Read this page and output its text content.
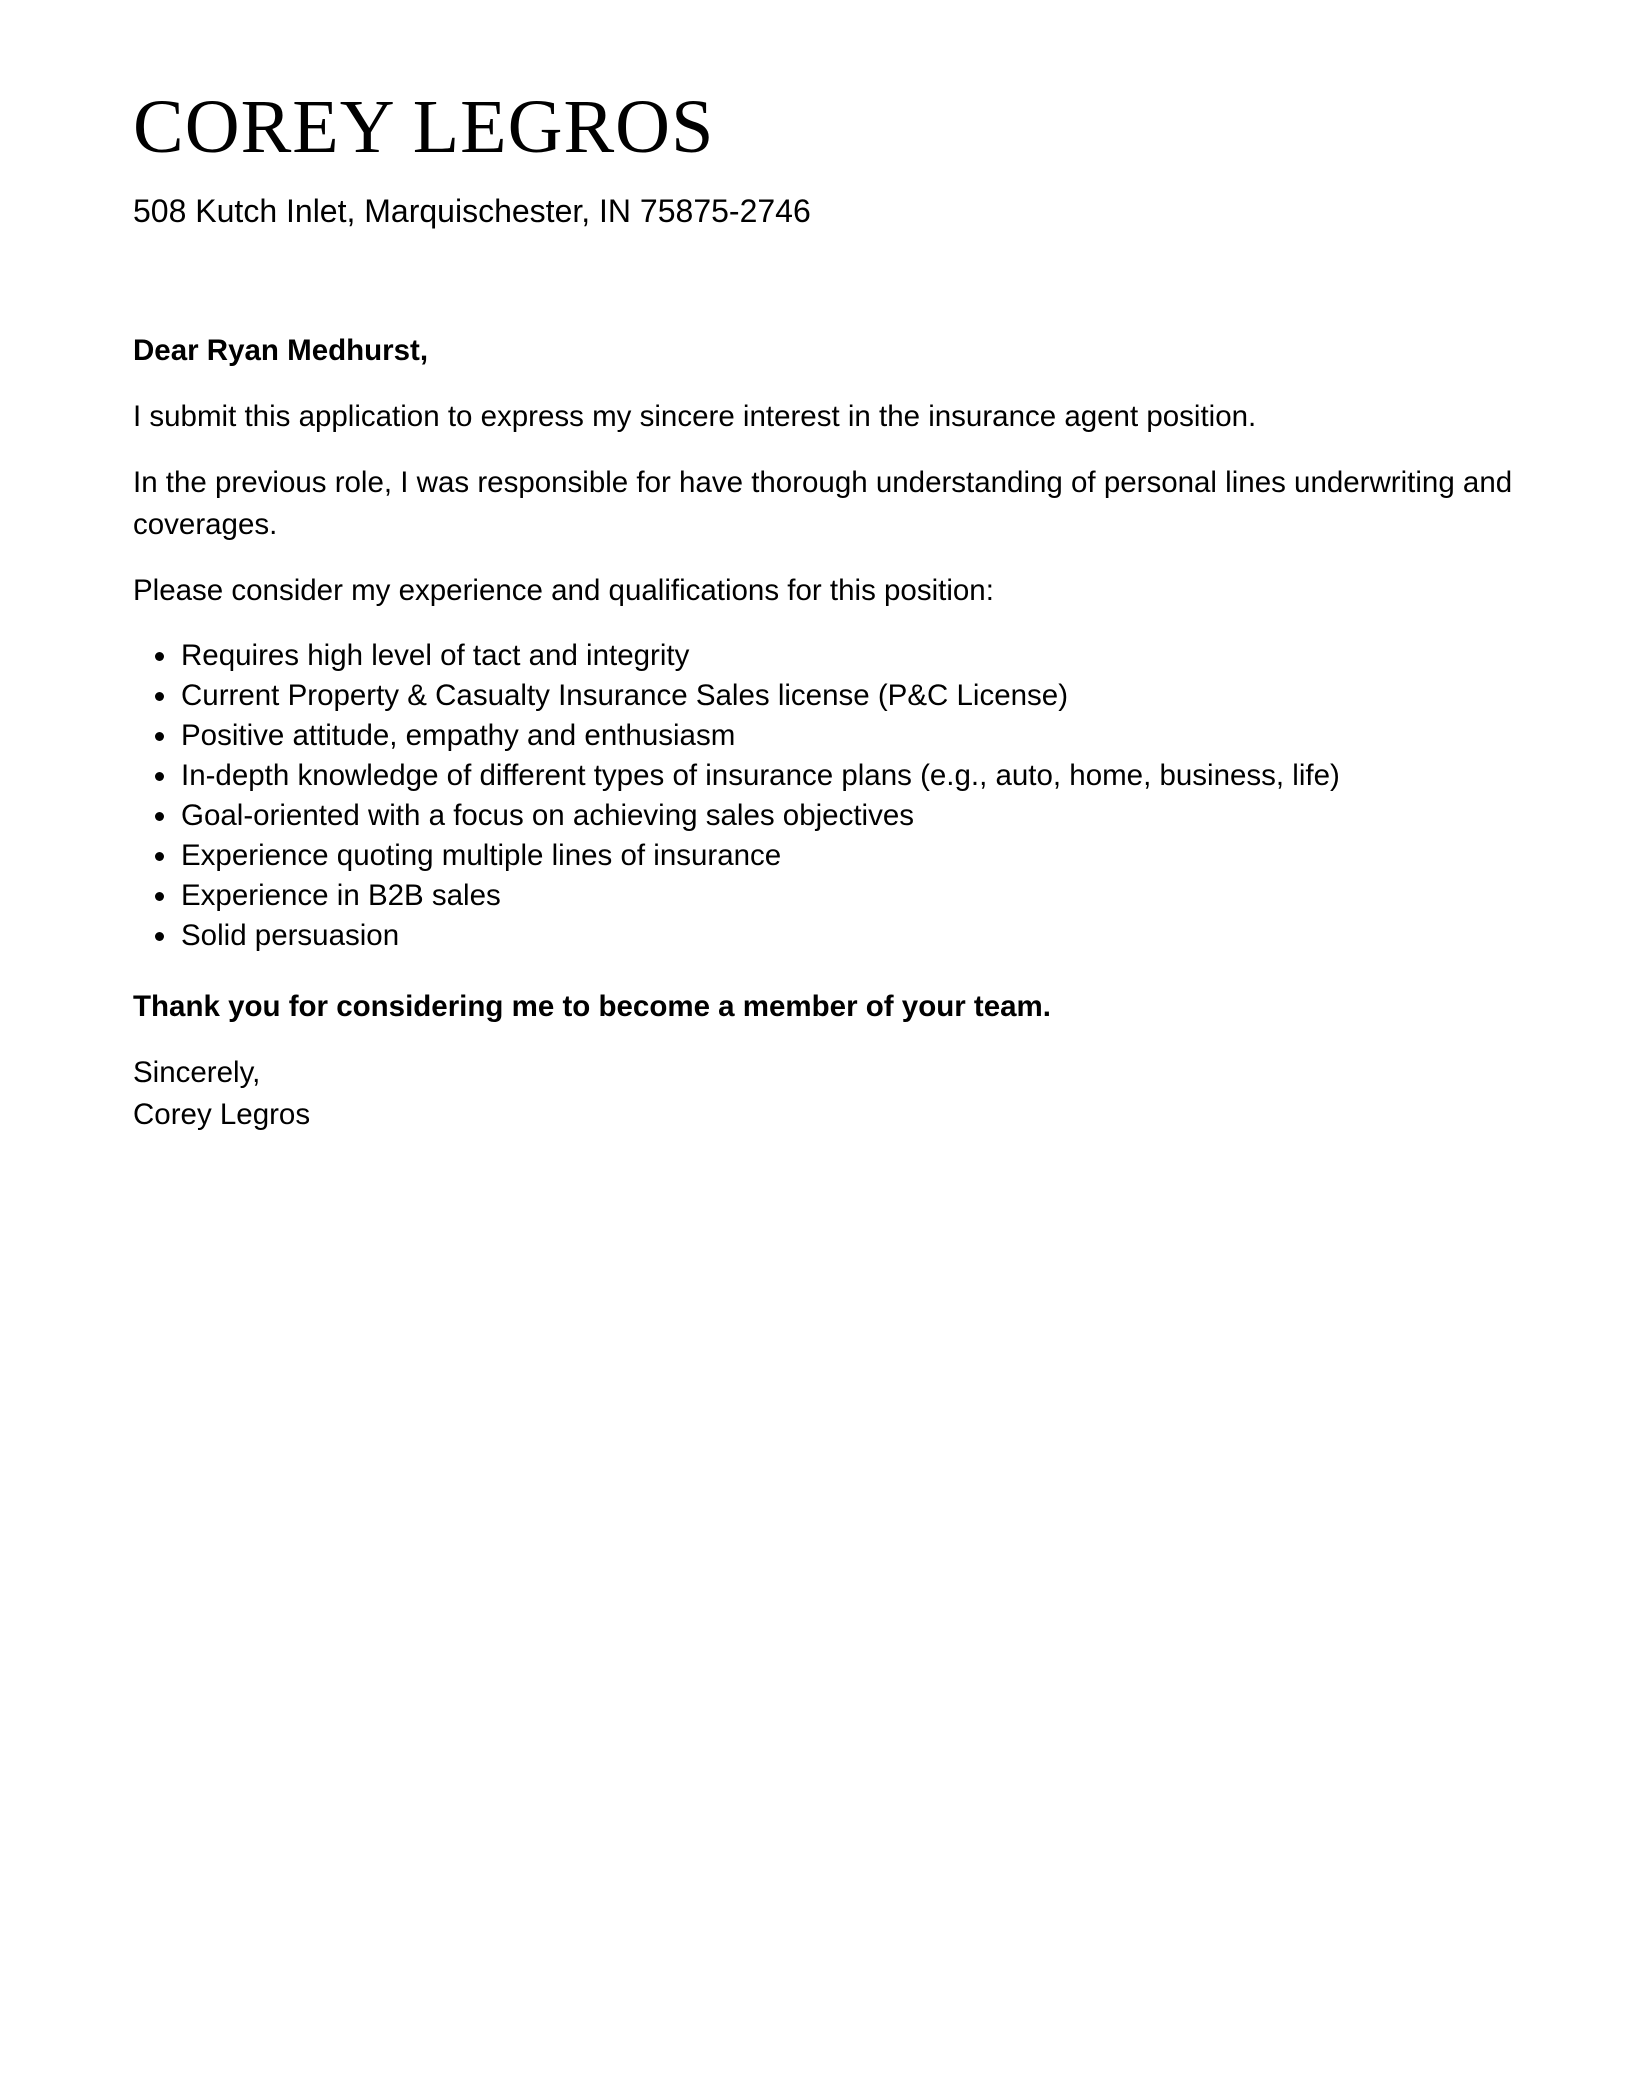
COREY LEGROS

508 Kutch Inlet, Marquischester, IN 75875-2746

Dear Ryan Medhurst,

I submit this application to express my sincere interest in the insurance agent position.

In the previous role, I was responsible for have thorough understanding of personal lines underwriting and coverages.

Please consider my experience and qualifications for this position:

Requires high level of tact and integrity
Current Property & Casualty Insurance Sales license (P&C License)
Positive attitude, empathy and enthusiasm
In-depth knowledge of different types of insurance plans (e.g., auto, home, business, life)
Goal-oriented with a focus on achieving sales objectives
Experience quoting multiple lines of insurance
Experience in B2B sales
Solid persuasion

Thank you for considering me to become a member of your team.

Sincerely,

Corey Legros
